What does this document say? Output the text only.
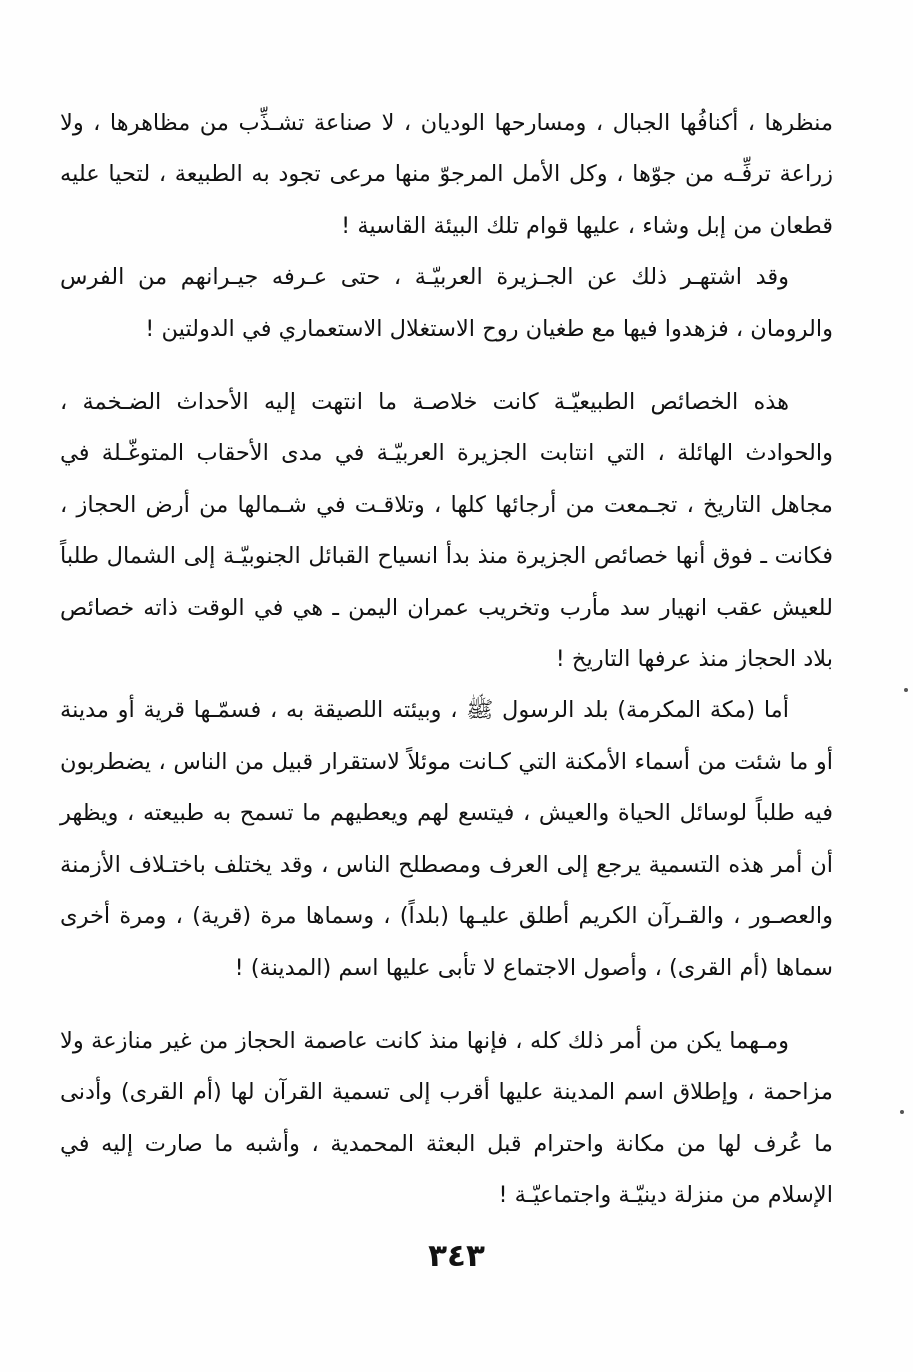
منظرها ، أكنافُها الجبال ، ومسارحها الوديان ، لا صناعة تشـذِّب من مظاهرها ، ولا زراعة ترفِّـه من جوّها ، وكل الأمل المرجوّ منها مرعى تجود به الطبيعة ، لتحيا عليه قطعان من إبل وشاء ، عليها قوام تلك البيئة القاسية !

وقد اشتهـر ذلك عن الجـزيرة العربيّـة ، حتى عـرفه جيـرانهم من الفرس والرومان ، فزهدوا فيها مع طغيان روح الاستغلال الاستعماري في الدولتين !

هذه الخصائص الطبيعيّـة كانت خلاصـة ما انتهت إليه الأحداث الضـخمة ، والحوادث الهائلة ، التي انتابت الجزيرة العربيّـة في مدى الأحقاب المتوغّـلة في مجاهل التاريخ ، تجـمعت من أرجائها كلها ، وتلاقـت في شـمالها من أرض الحجاز ، فكانت ـ فوق أنها خصائص الجزيرة منذ بدأ انسياح القبائل الجنوبيّـة إلى الشمال طلباً للعيش عقب انهيار سد مأرب وتخريب عمران اليمن ـ هي في الوقت ذاته خصائص بلاد الحجاز منذ عرفها التاريخ !

أما (مكة المكرمة) بلد الرسول ﷺ ، وبيئته اللصيقة به ، فسمّـها قرية أو مدينة أو ما شئت من أسماء الأمكنة التي كـانت موئلاً لاستقرار قبيل من الناس ، يضطربون فيه طلباً لوسائل الحياة والعيش ، فيتسع لهم ويعطيهم ما تسمح به طبيعته ، ويظهر أن أمر هذه التسمية يرجع إلى العرف ومصطلح الناس ، وقد يختلف باختـلاف الأزمنة والعصـور ، والقـرآن الكريم أطلق عليـها (بلداً) ، وسماها مرة (قرية) ، ومرة أخرى سماها (أم القرى) ، وأصول الاجتماع لا تأبى عليها اسم (المدينة) !

ومـهما يكن من أمر ذلك كله ، فإنها منذ كانت عاصمة الحجاز من غير منازعة ولا مزاحمة ، وإطلاق اسم المدينة عليها أقرب إلى تسمية القرآن لها (أم القرى) وأدنى ما عُرف لها من مكانة واحترام قبل البعثة المحمدية ، وأشبه ما صارت إليه في الإسلام من منزلة دينيّـة واجتماعيّـة !

٣٤٣
